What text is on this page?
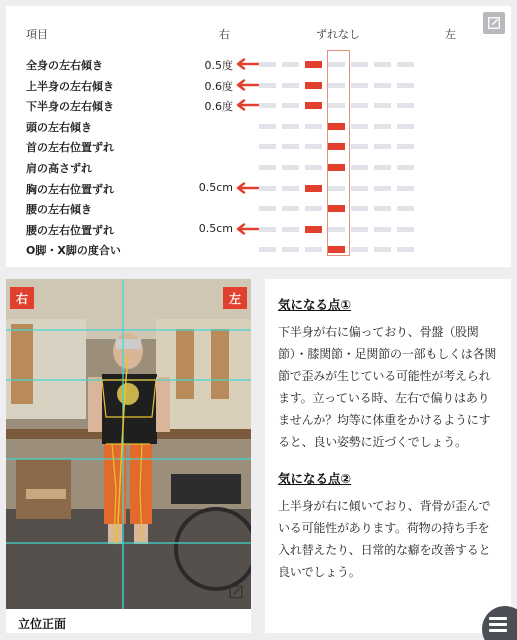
項目	右	ずれなし	左
全身の左右傾き	0.5度
上半身の左右傾き	0.6度
下半身の左右傾き	0.6度
頭の左右傾き
首の左右位置ずれ
肩の高さずれ
胸の左右位置ずれ	0.5cm
腰の左右傾き
腰の左右位置ずれ	0.5cm
O脚・X脚の度合い
右	左
立位正面
気になる点①
下半身が右に偏っており、骨盤（股関節）・膝関節・足関節の一部もしくは各関節で歪みが生じている可能性が考えられます。立っている時、左右で偏りはありませんか？均等に体重をかけるようにすると、良い姿勢に近づくでしょう。
気になる点②
上半身が右に傾いており、背骨が歪んでいる可能性があります。荷物の持ち手を入れ替えたり、日常的な癖を改善すると良いでしょう。
